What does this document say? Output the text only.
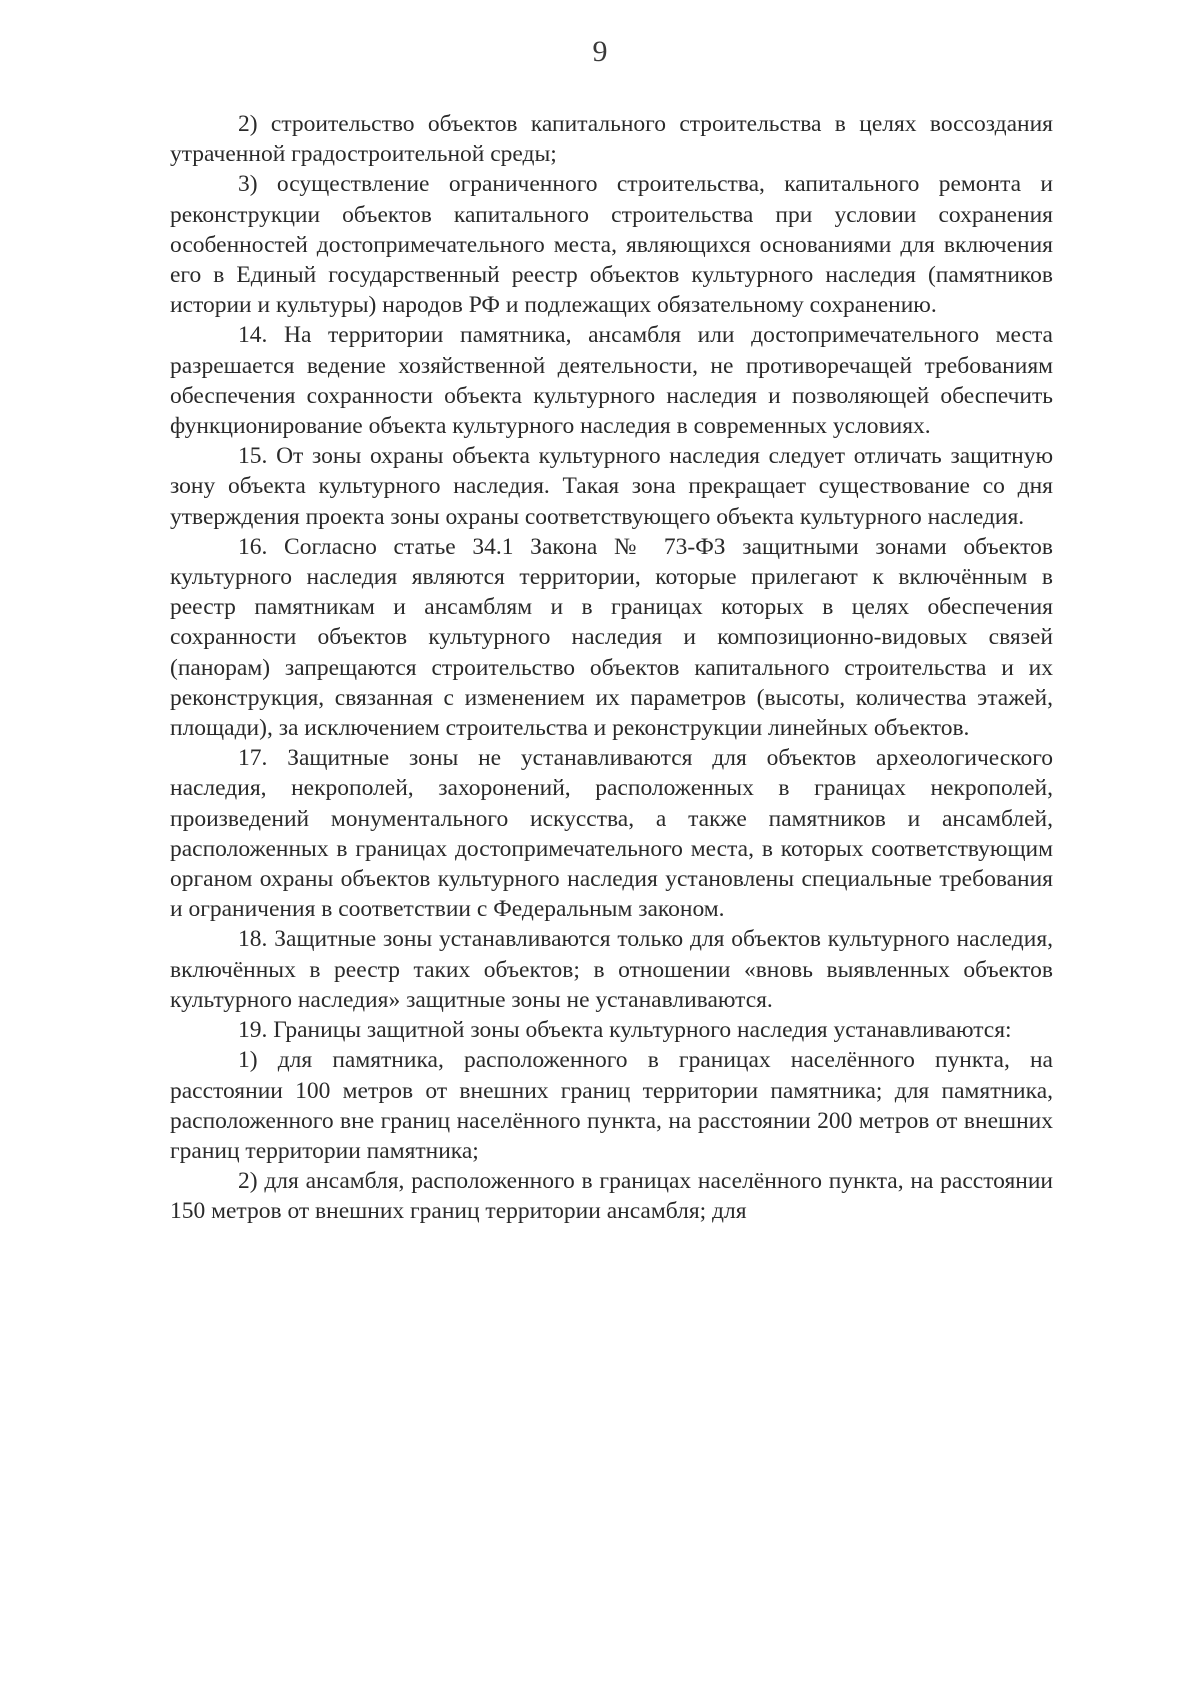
9

2) строительство объектов капитального строительства в целях воссоздания утраченной градостроительной среды;

3) осуществление ограниченного строительства, капитального ремонта и реконструкции объектов капитального строительства при условии сохранения особенностей достопримечательного места, являющихся основаниями для включения его в Единый государственный реестр объектов культурного наследия (памятников истории и культуры) народов РФ и подлежащих обязательному сохранению.

14. На территории памятника, ансамбля или достопримечательного места разрешается ведение хозяйственной деятельности, не противоречащей требованиям обеспечения сохранности объекта культурного наследия и позволяющей обеспечить функционирование объекта культурного наследия в современных условиях.

15. От зоны охраны объекта культурного наследия следует отличать защитную зону объекта культурного наследия. Такая зона прекращает существование со дня утверждения проекта зоны охраны соответствующего объекта культурного наследия.

16. Согласно статье 34.1 Закона № 73-ФЗ защитными зонами объектов культурного наследия являются территории, которые прилегают к включённым в реестр памятникам и ансамблям и в границах которых в целях обеспечения сохранности объектов культурного наследия и композиционно-видовых связей (панорам) запрещаются строительство объектов капитального строительства и их реконструкция, связанная с изменением их параметров (высоты, количества этажей, площади), за исключением строительства и реконструкции линейных объектов.

17. Защитные зоны не устанавливаются для объектов археологического наследия, некрополей, захоронений, расположенных в границах некрополей, произведений монументального искусства, а также памятников и ансамблей, расположенных в границах достопримечательного места, в которых соответствующим органом охраны объектов культурного наследия установлены специальные требования и ограничения в соответствии с Федеральным законом.

18. Защитные зоны устанавливаются только для объектов культурного наследия, включённых в реестр таких объектов; в отношении «вновь выявленных объектов культурного наследия» защитные зоны не устанавливаются.

19. Границы защитной зоны объекта культурного наследия устанавливаются:

1) для памятника, расположенного в границах населённого пункта, на расстоянии 100 метров от внешних границ территории памятника; для памятника, расположенного вне границ населённого пункта, на расстоянии 200 метров от внешних границ территории памятника;

2) для ансамбля, расположенного в границах населённого пункта, на расстоянии 150 метров от внешних границ территории ансамбля; для
